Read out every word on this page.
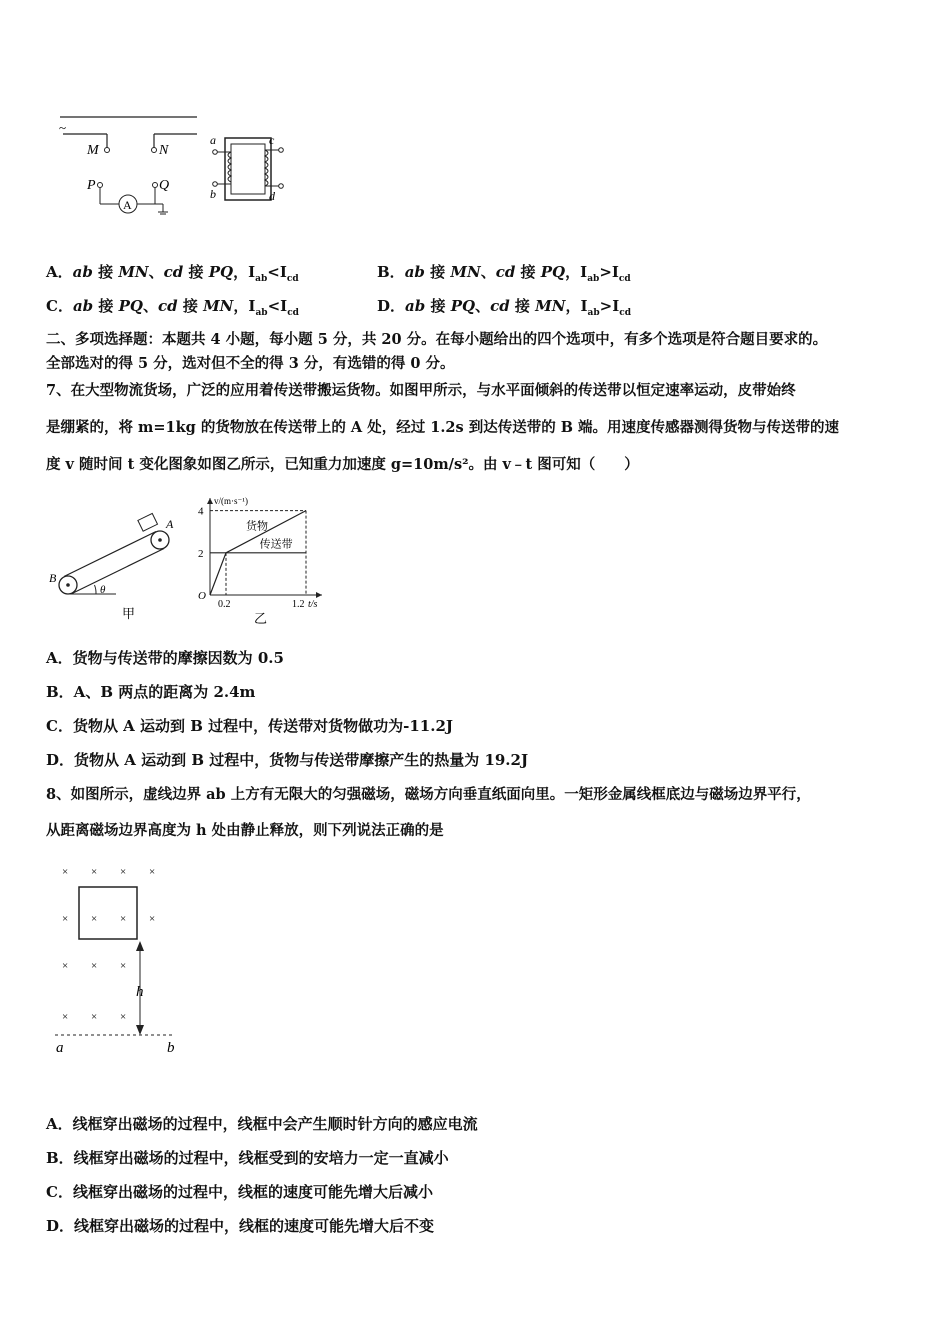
~
M	N
P
A
Q
a
b
c
d
A．ab 接 MN、cd 接 PQ，$I_{ab}<I_{cd}$	B．ab 接 MN、cd 接 PQ，$I_{ab}>I_{cd}$
C．ab 接 PQ、cd 接 MN，$I_{ab}<I_{cd}$	D．ab 接 PQ、cd 接 MN，$I_{ab}>I_{cd}$
二、多项选择题：本题共 4 小题，每小题 5 分，共 20 分。在每小题给出的四个选项中，有多个选项是符合题目要求的。
全部选对的得 5 分，选对但不全的得 3 分，有选错的得 0 分。
7、在大型物流货场，广泛的应用着传送带搬运货物。如图甲所示，与水平面倾斜的传送带以恒定速率运动，皮带始终
是绷紧的，将 m=1kg 的货物放在传送带上的 A 处，经过 1.2s 到达传送带的 B 端。用速度传感器测得货物与传送带的速
度 v 随时间 t 变化图象如图乙所示，已知重力加速度 g=10m/s²。由 v﹣t 图可知（　　）
θ
A
B
甲
v/(m·s⁻¹)
t/s
O
2
4
0.2	1.2
货物
传送带
乙
A．货物与传送带的摩擦因数为 0.5
B．A、B 两点的距离为 2.4m
C．货物从 A 运动到 B 过程中，传送带对货物做功为-11.2J
D．货物从 A 运动到 B 过程中，货物与传送带摩擦产生的热量为 19.2J
8、如图所示，虚线边界 ab 上方有无限大的匀强磁场，磁场方向垂直纸面向里。一矩形金属线框底边与磁场边界平行，
从距离磁场边界高度为 h 处由静止释放，则下列说法正确的是
× × × ×
× × × ×
× × ×
× × ×
h
a	b
A．线框穿出磁场的过程中，线框中会产生顺时针方向的感应电流
B．线框穿出磁场的过程中，线框受到的安培力一定一直减小
C．线框穿出磁场的过程中，线框的速度可能先增大后减小
D．线框穿出磁场的过程中，线框的速度可能先增大后不变
